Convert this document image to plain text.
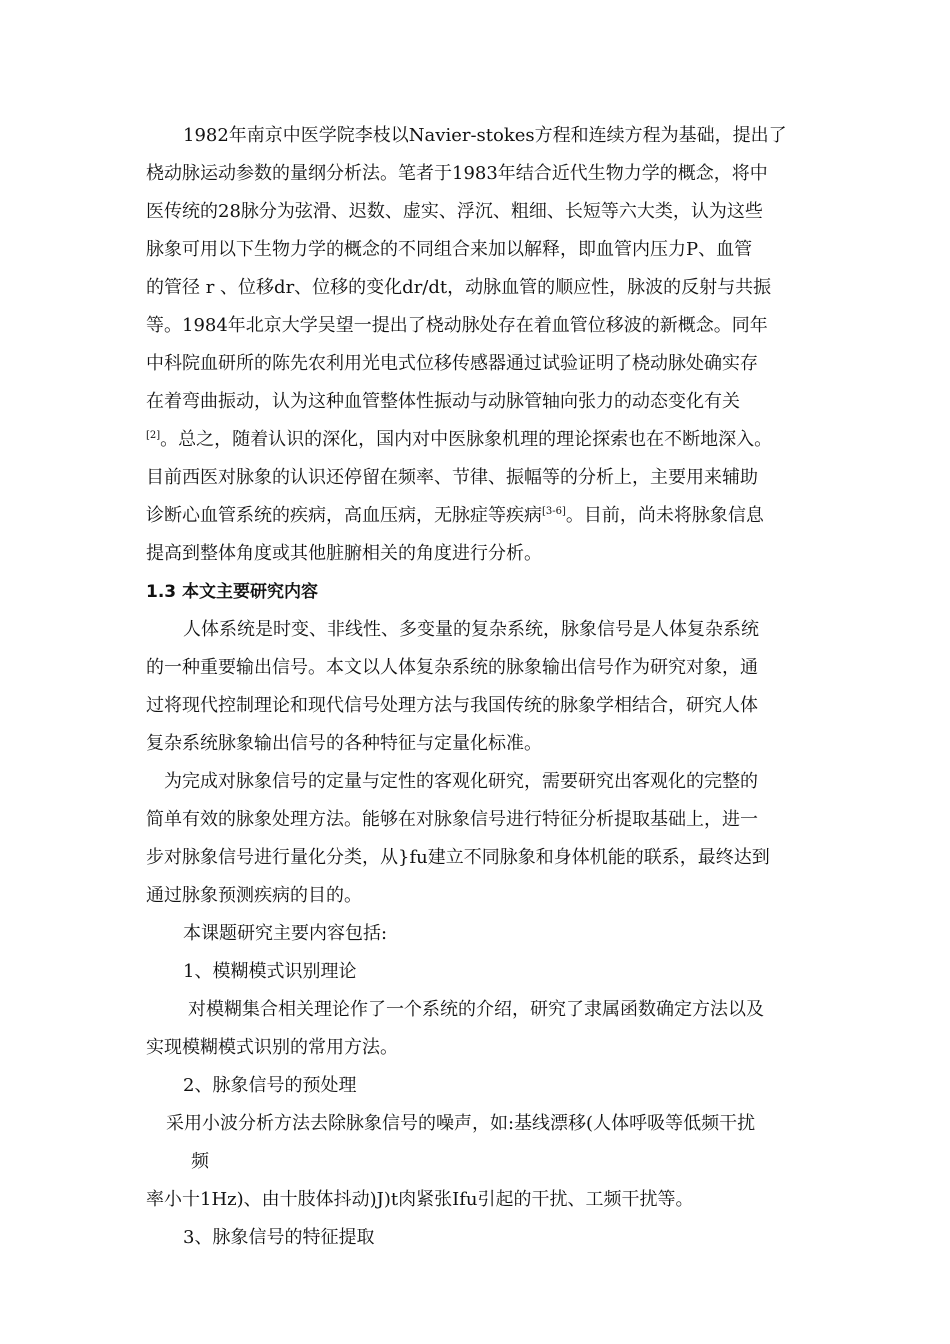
1982年南京中医学院李枝以Navier-stokes方程和连续方程为基础，提出了
桡动脉运动参数的量纲分析法。笔者于1983年结合近代生物力学的概念，将中
医传统的28脉分为弦滑、迟数、虚实、浮沉、粗细、长短等六大类，认为这些
脉象可用以下生物力学的概念的不同组合来加以解释，即血管内压力P、血管
的管径 r 、位移dr、位移的变化dr/dt，动脉血管的顺应性，脉波的反射与共振
等。1984年北京大学吴望一提出了桡动脉处存在着血管位移波的新概念。同年
中科院血研所的陈先农利用光电式位移传感器通过试验证明了桡动脉处确实存
在着弯曲振动，认为这种血管整体性振动与动脉管轴向张力的动态变化有关
[2]。总之，随着认识的深化，国内对中医脉象机理的理论探索也在不断地深入。
目前西医对脉象的认识还停留在频率、节律、振幅等的分析上，主要用来辅助
诊断心血管系统的疾病，高血压病，无脉症等疾病[3-6]。目前，尚未将脉象信息
提高到整体角度或其他脏腑相关的角度进行分析。
1.3 本文主要研究内容
人体系统是时变、非线性、多变量的复杂系统，脉象信号是人体复杂系统
的一种重要输出信号。本文以人体复杂系统的脉象输出信号作为研究对象，通
过将现代控制理论和现代信号处理方法与我国传统的脉象学相结合，研究人体
复杂系统脉象输出信号的各种特征与定量化标准。
为完成对脉象信号的定量与定性的客观化研究，需要研究出客观化的完整的
简单有效的脉象处理方法。能够在对脉象信号进行特征分析提取基础上，进一
步对脉象信号进行量化分类，从}fu建立不同脉象和身体机能的联系，最终达到
通过脉象预测疾病的目的。
本课题研究主要内容包括:
1、模糊模式识别理论
对模糊集合相关理论作了一个系统的介绍，研究了隶属函数确定方法以及
实现模糊模式识别的常用方法。
2、脉象信号的预处理
采用小波分析方法去除脉象信号的噪声，如:基线漂移(人体呼吸等低频干扰
频
率小十1Hz)、由十肢体抖动)J)t肉紧张Ifu引起的干扰、工频干扰等。
3、脉象信号的特征提取
